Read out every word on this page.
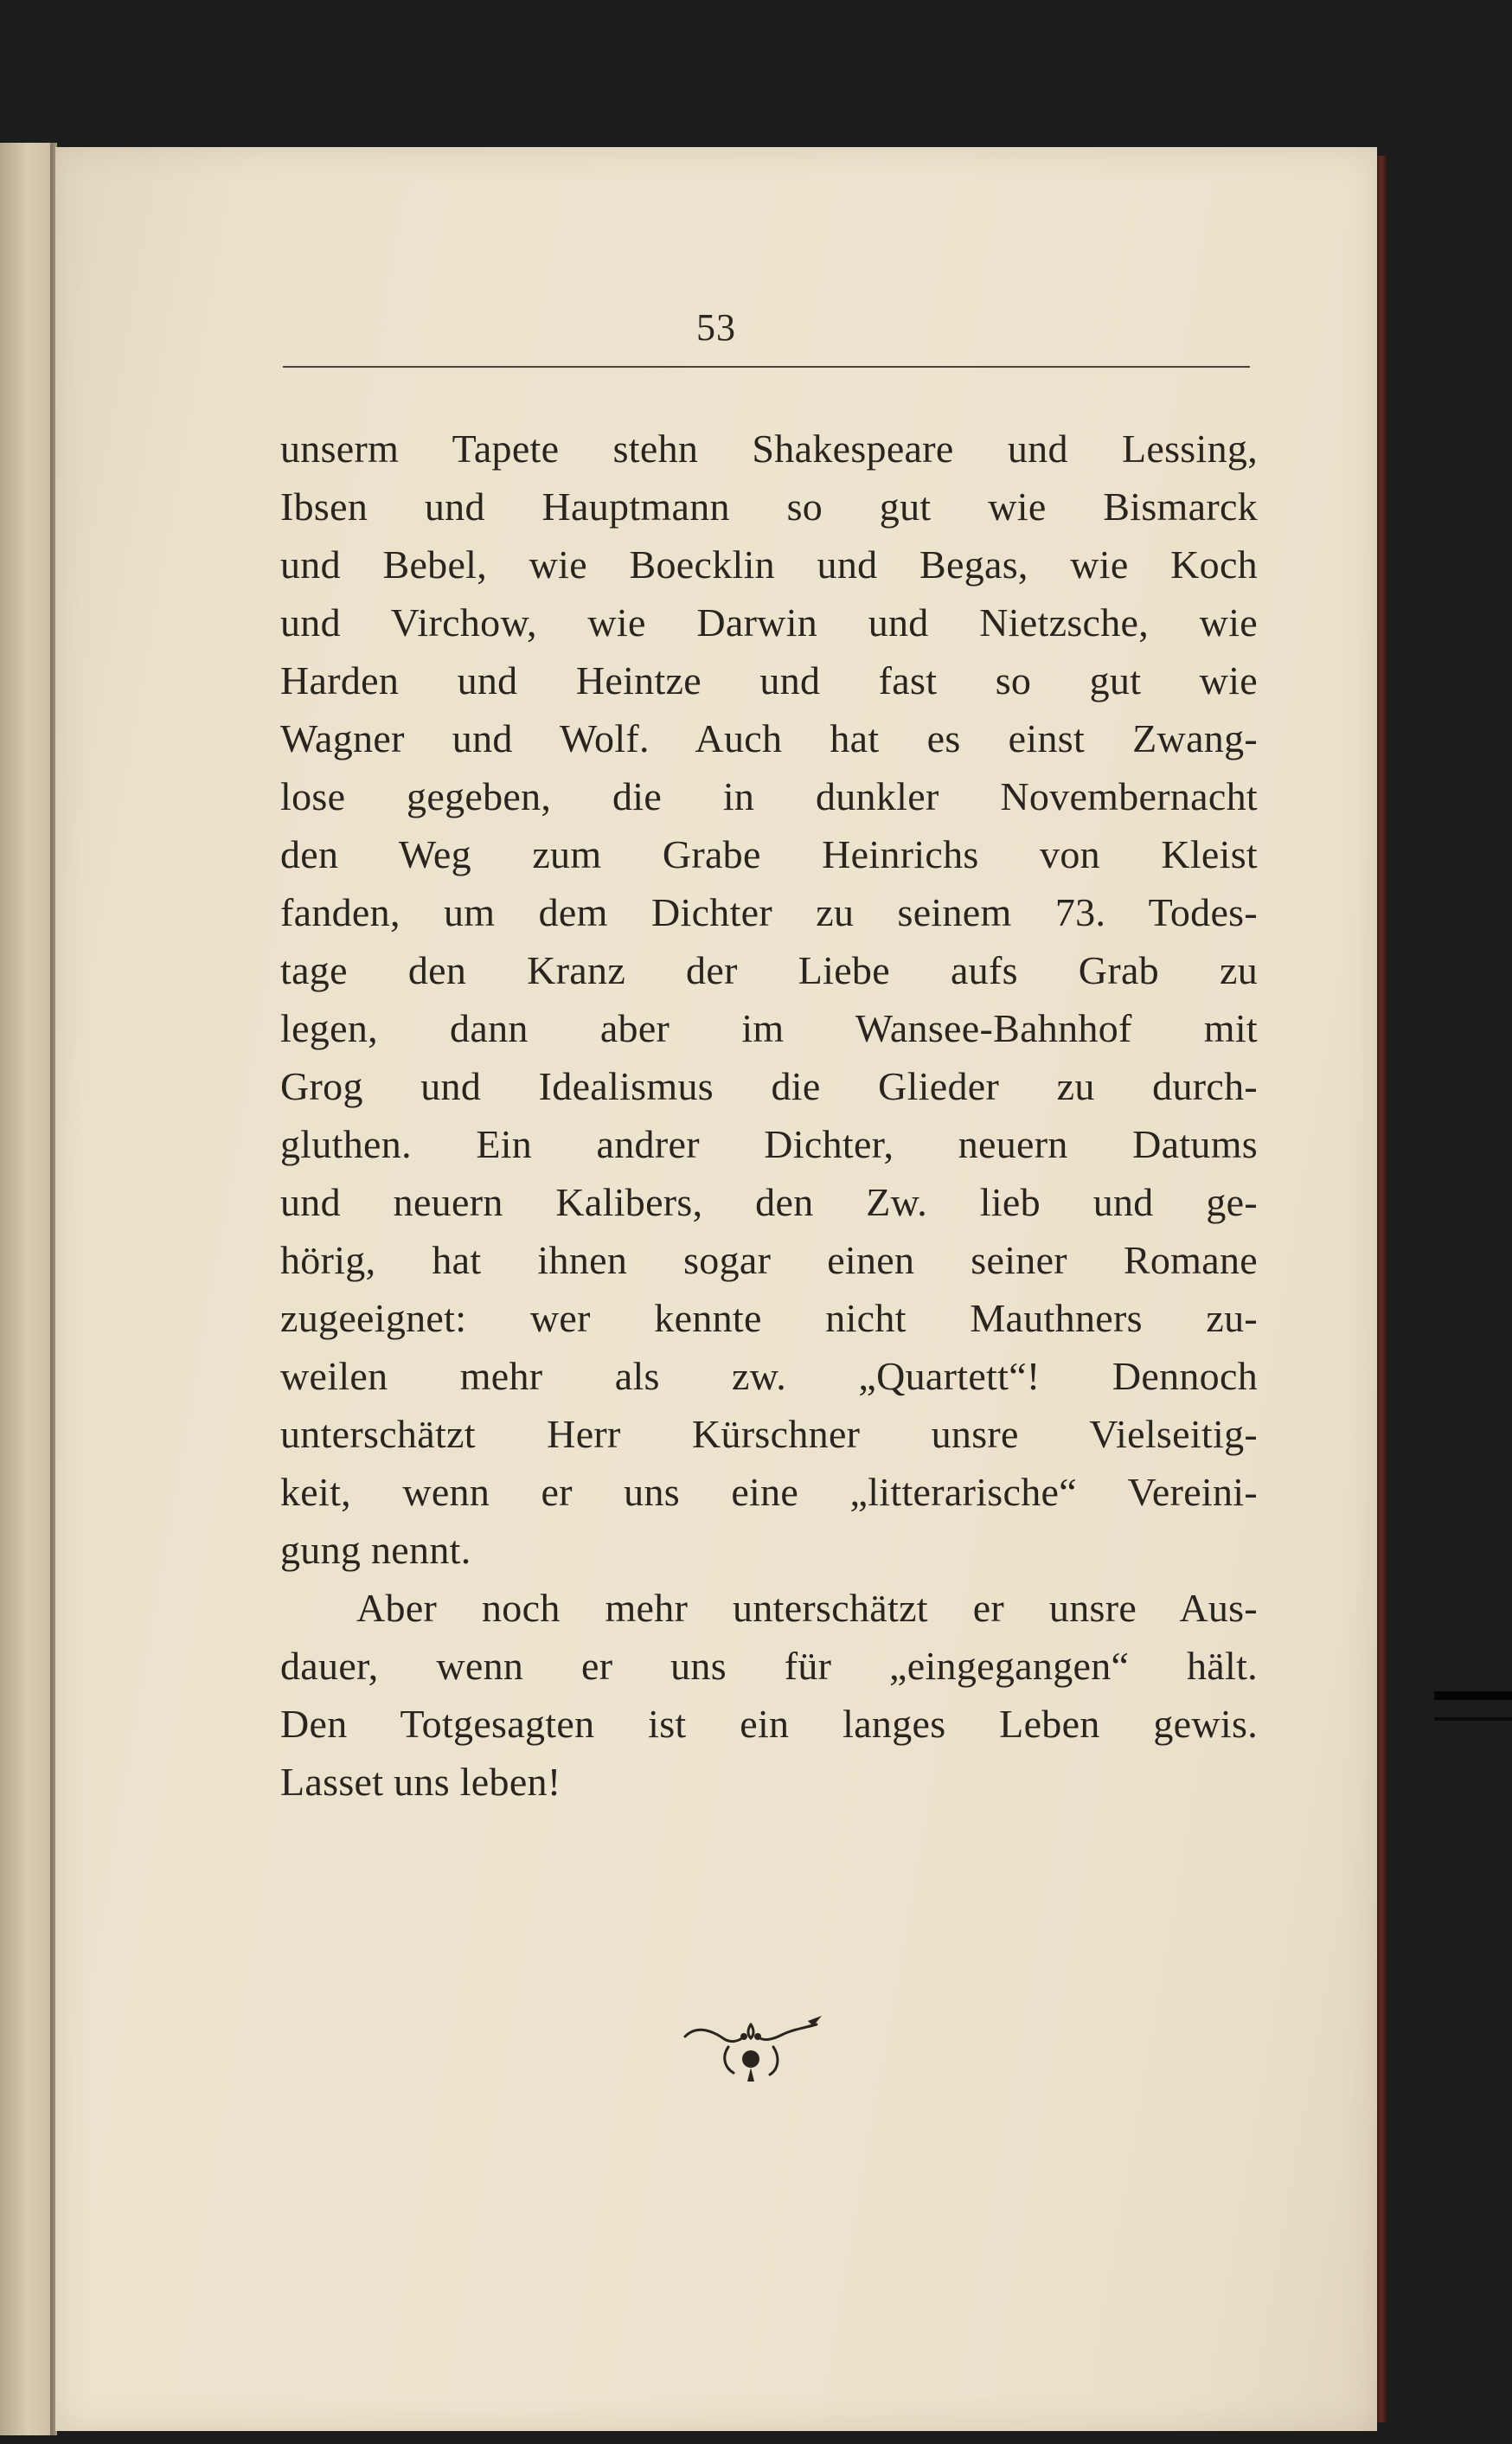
53
unserm Tapete stehn Shakespeare und Lessing,
Ibsen und Hauptmann so gut wie Bismarck
und Bebel, wie Boecklin und Begas, wie Koch
und Virchow, wie Darwin und Nietzsche, wie
Harden und Heintze und fast so gut wie
Wagner und Wolf. Auch hat es einst Zwang-
lose gegeben, die in dunkler Novembernacht
den Weg zum Grabe Heinrichs von Kleist
fanden, um dem Dichter zu seinem 73. Todes-
tage den Kranz der Liebe aufs Grab zu
legen, dann aber im Wansee-Bahnhof mit
Grog und Idealismus die Glieder zu durch-
gluthen. Ein andrer Dichter, neuern Datums
und neuern Kalibers, den Zw. lieb und ge-
hörig, hat ihnen sogar einen seiner Romane
zugeeignet: wer kennte nicht Mauthners zu-
weilen mehr als zw. „Quartett“! Dennoch
unterschätzt Herr Kürschner unsre Vielseitig-
keit, wenn er uns eine „litterarische“ Vereini-
gung nennt.
Aber noch mehr unterschätzt er unsre Aus-
dauer, wenn er uns für „eingegangen“ hält.
Den Totgesagten ist ein langes Leben gewis.
Lasset uns leben!
